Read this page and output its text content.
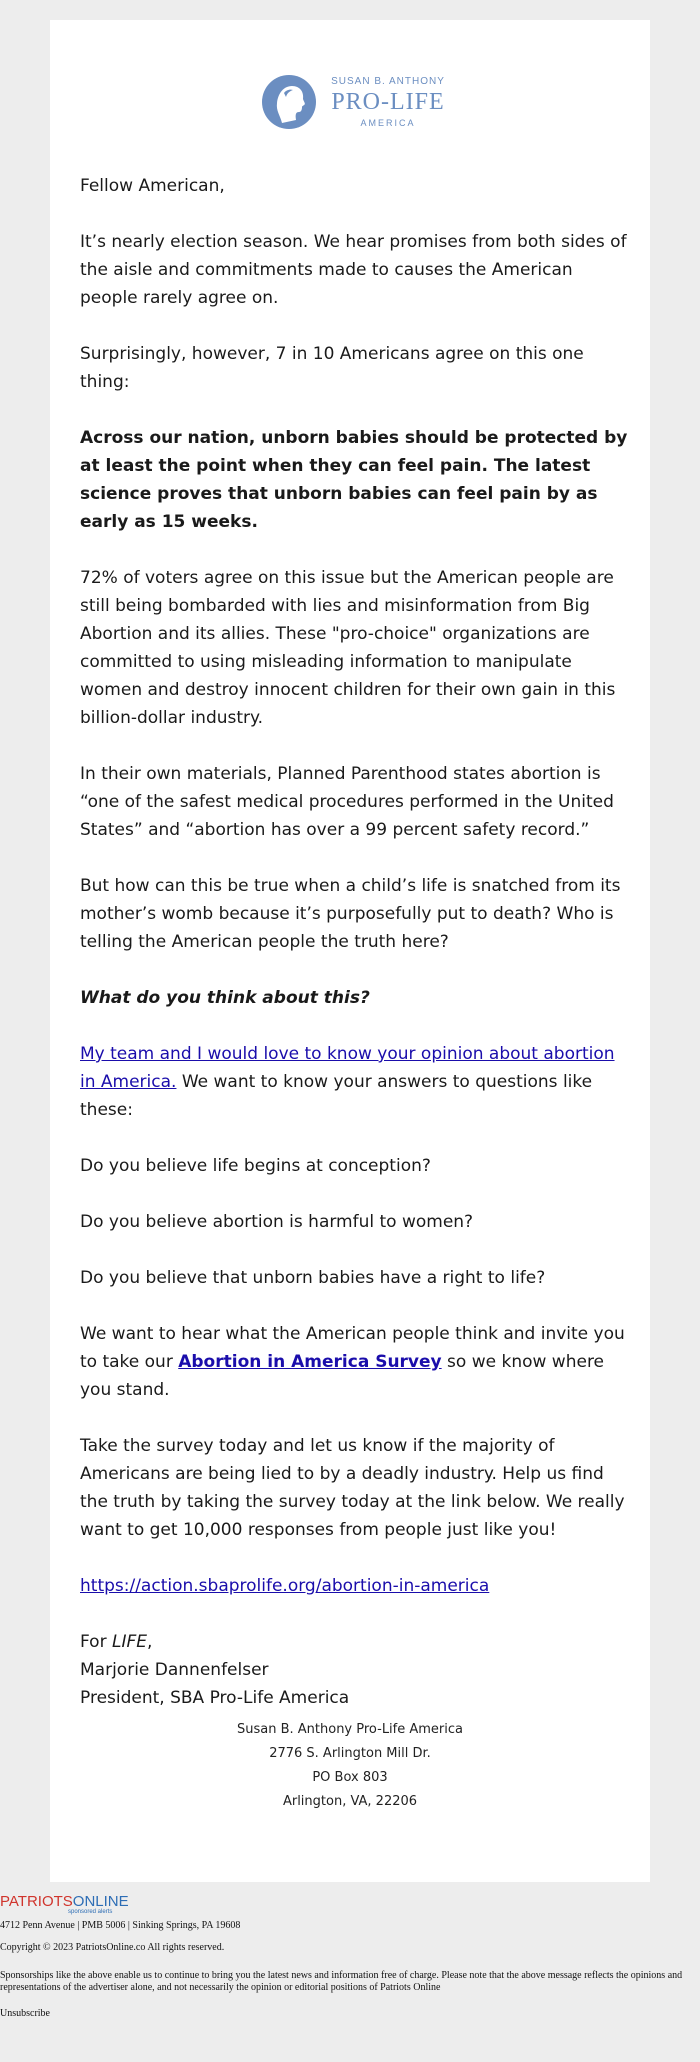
SUSAN B. ANTHONY
PRO-LIFE
AMERICA

Fellow American,

It’s nearly election season. We hear promises from both sides of the aisle and commitments made to causes the American people rarely agree on.

Surprisingly, however, 7 in 10 Americans agree on this one thing:

Across our nation, unborn babies should be protected by at least the point when they can feel pain. The latest science proves that unborn babies can feel pain by as early as 15 weeks.

72% of voters agree on this issue but the American people are still being bombarded with lies and misinformation from Big Abortion and its allies. These "pro-choice" organizations are committed to using misleading information to manipulate women and destroy innocent children for their own gain in this billion-dollar industry.

In their own materials, Planned Parenthood states abortion is “one of the safest medical procedures performed in the United States” and “abortion has over a 99 percent safety record.”

But how can this be true when a child’s life is snatched from its mother’s womb because it’s purposefully put to death? Who is telling the American people the truth here?

What do you think about this?

My team and I would love to know your opinion about abortion in America. We want to know your answers to questions like these:

Do you believe life begins at conception?

Do you believe abortion is harmful to women?

Do you believe that unborn babies have a right to life?

We want to hear what the American people think and invite you to take our Abortion in America Survey so we know where you stand.

Take the survey today and let us know if the majority of Americans are being lied to by a deadly industry. Help us find the truth by taking the survey today at the link below. We really want to get 10,000 responses from people just like you!

https://action.sbaprolife.org/abortion-in-america

For LIFE,

Marjorie Dannenfelser

President, SBA Pro-Life America

Susan B. Anthony Pro-Life America
2776 S. Arlington Mill Dr.
PO Box 803
Arlington, VA, 22206
PATRIOTSONLINE
sponsored alerts

4712 Penn Avenue | PMB 5006 | Sinking Springs, PA 19608

Copyright © 2023 PatriotsOnline.co All rights reserved.

Sponsorships like the above enable us to continue to bring you the latest news and information free of charge. Please note that the above message reflects the opinions and representations of the advertiser alone, and not necessarily the opinion or editorial positions of Patriots Online

Unsubscribe
